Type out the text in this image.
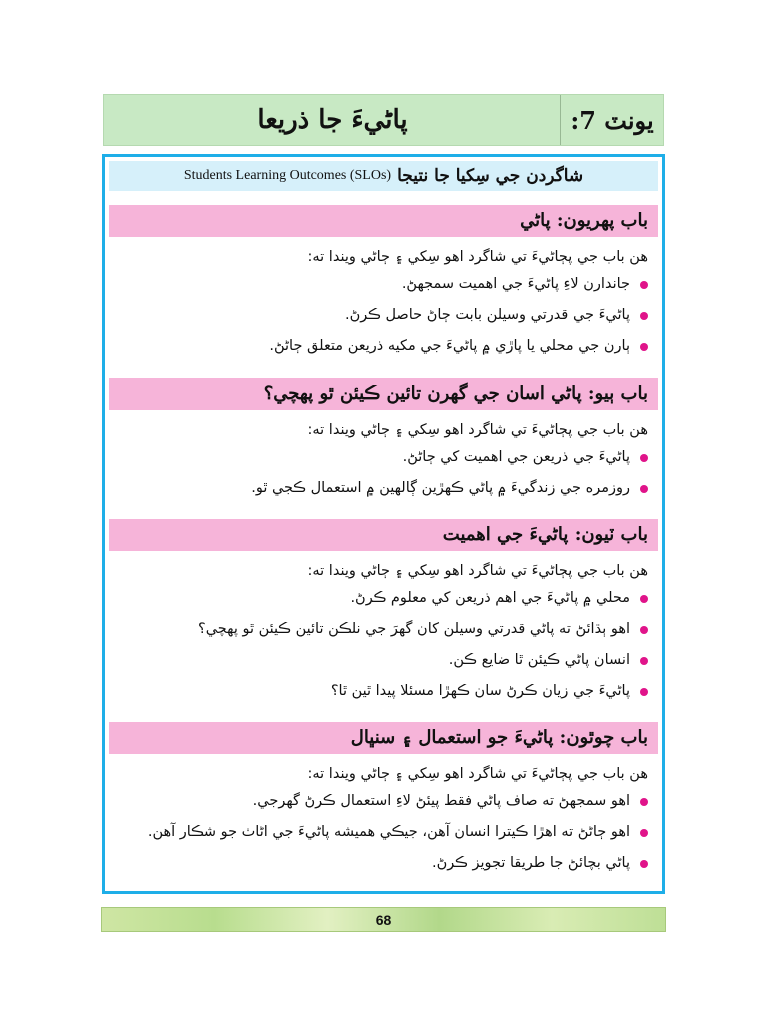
يونٽ 7:
پاڻيءَ جا ذريعا
شاگردن جي سِکيا جا نتيجا
Students Learning Outcomes (SLOs)
باب پهريون: پاڻي
هن باب جي پڄاڻيءَ تي شاگرد اهو سِکي ۽ ڄاڻي ويندا ته:
جاندارن لاءِ پاڻيءَ جي اهميت سمجهڻ.
پاڻيءَ جي قدرتي وسيلن بابت ڄاڻ حاصل ڪرڻ.
ٻارن جي محلي يا پاڙي ۾ پاڻيءَ جي مکيه ذريعن متعلق ڄاڻڻ.
باب ٻيو: پاڻي اسان جي گهرن تائين ڪيئن ٿو پهچي؟
هن باب جي پڄاڻيءَ تي شاگرد اهو سِکي ۽ ڄاڻي ويندا ته:
پاڻيءَ جي ذريعن جي اهميت کي ڄاڻڻ.
روزمره جي زندگيءَ ۾ پاڻي ڪهڙين ڳالهين ۾ استعمال ڪجي ٿو.
باب ٽيون: پاڻيءَ جي اهميت
هن باب جي پڄاڻيءَ تي شاگرد اهو سِکي ۽ ڄاڻي ويندا ته:
محلي ۾ پاڻيءَ جي اهم ذريعن کي معلوم ڪرڻ.
اهو ٻڌائڻ ته پاڻي قدرتي وسيلن کان گهرَ جي نلڪن تائين ڪيئن ٿو پهچي؟
انسان پاڻي ڪيئن ٿا ضايع ڪن.
پاڻيءَ جي زيان ڪرڻ سان ڪهڙا مسئلا پيدا ٿين ٿا؟
باب چوٿون: پاڻيءَ جو استعمال ۽ سنڀال
هن باب جي پڄاڻيءَ تي شاگرد اهو سِکي ۽ ڄاڻي ويندا ته:
اهو سمجهڻ ته صاف پاڻي فقط پيئڻ لاءِ استعمال ڪرڻ گهرجي.
اهو ڄاڻڻ ته اهڙا ڪيترا انسان آهن، جيڪي هميشه پاڻيءَ جي اڻاٺ جو شڪار آهن.
پاڻي بچائڻ جا طريقا تجويز ڪرڻ.
68
